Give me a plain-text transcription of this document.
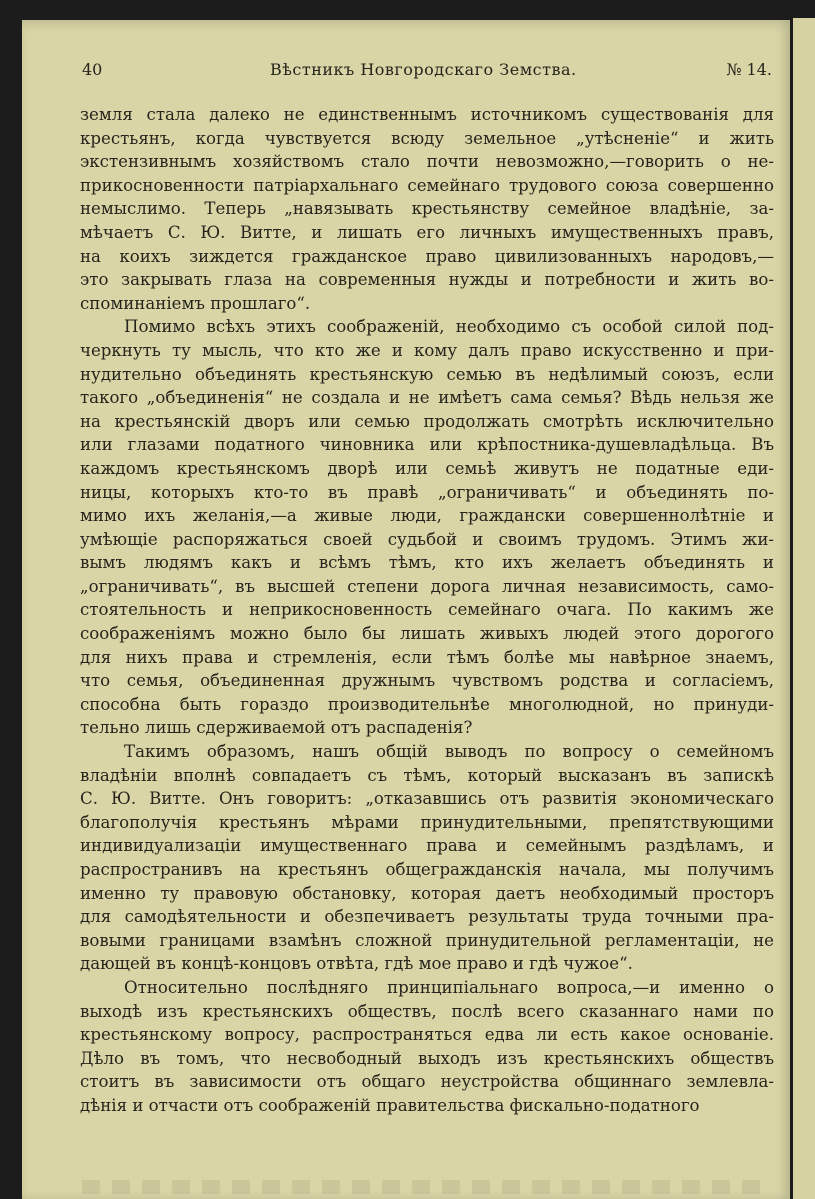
40	Вѣстникъ Новгородскаго Земства.	№ 14.
земля стала далеко не единственнымъ источникомъ существованія для
крестьянъ, когда чувствуется всюду земельное „утѣсненіе“ и жить
экстензивнымъ хозяйствомъ стало почти невозможно,—говорить о не-
прикосновенности патріархальнаго семейнаго трудового союза совершенно
немыслимо. Теперь „навязывать крестьянству семейное владѣніе, за-
мѣчаетъ С. Ю. Витте, и лишать его личныхъ имущественныхъ правъ,
на коихъ зиждется гражданское право цивилизованныхъ народовъ,—
это закрывать глаза на современныя нужды и потребности и жить во-
споминаніемъ прошлаго“.
Помимо всѣхъ этихъ соображеній, необходимо съ особой силой под-
черкнуть ту мысль, что кто же и кому далъ право искусственно и при-
нудительно объединять крестьянскую семью въ недѣлимый союзъ, если
такого „объединенія“ не создала и не имѣетъ сама семья? Вѣдь нельзя же
на крестьянскій дворъ или семью продолжать смотрѣть исключительно
или глазами податного чиновника или крѣпостника-душевладѣльца. Въ
каждомъ крестьянскомъ дворѣ или семьѣ живутъ не податные еди-
ницы, которыхъ кто-то въ правѣ „ограничивать“ и объединять по-
мимо ихъ желанія,—а живые люди, граждански совершеннолѣтніе и
умѣющіе распоряжаться своей судьбой и своимъ трудомъ. Этимъ жи-
вымъ людямъ какъ и всѣмъ тѣмъ, кто ихъ желаетъ объединять и
„ограничивать“, въ высшей степени дорога личная независимость, само-
стоятельность и неприкосновенность семейнаго очага. По какимъ же
соображеніямъ можно было бы лишать живыхъ людей этого дорогого
для нихъ права и стремленія, если тѣмъ болѣе мы навѣрное знаемъ,
что семья, объединенная дружнымъ чувствомъ родства и согласіемъ,
способна быть гораздо производительнѣе многолюдной, но принуди-
тельно лишь сдерживаемой отъ распаденія?
Такимъ образомъ, нашъ общій выводъ по вопросу о семейномъ
владѣніи вполнѣ совпадаетъ съ тѣмъ, который высказанъ въ запискѣ
С. Ю. Витте. Онъ говоритъ: „отказавшись отъ развитія экономическаго
благополучія крестьянъ мѣрами принудительными, препятствующими
индивидуализаціи имущественнаго права и семейнымъ раздѣламъ, и
распространивъ на крестьянъ общегражданскія начала, мы получимъ
именно ту правовую обстановку, которая даетъ необходимый просторъ
для самодѣятельности и обезпечиваетъ результаты труда точными пра-
вовыми границами взамѣнъ сложной принудительной регламентаціи, не
дающей въ концѣ-концовъ отвѣта, гдѣ мое право и гдѣ чужое“.
Относительно послѣдняго принципіальнаго вопроса,—и именно о
выходѣ изъ крестьянскихъ обществъ, послѣ всего сказаннаго нами по
крестьянскому вопросу, распространяться едва ли есть какое основаніе.
Дѣло въ томъ, что несвободный выходъ изъ крестьянскихъ обществъ
стоитъ въ зависимости отъ общаго неустройства общиннаго землевла-
дѣнія и отчасти отъ соображеній правительства фискально-податного
